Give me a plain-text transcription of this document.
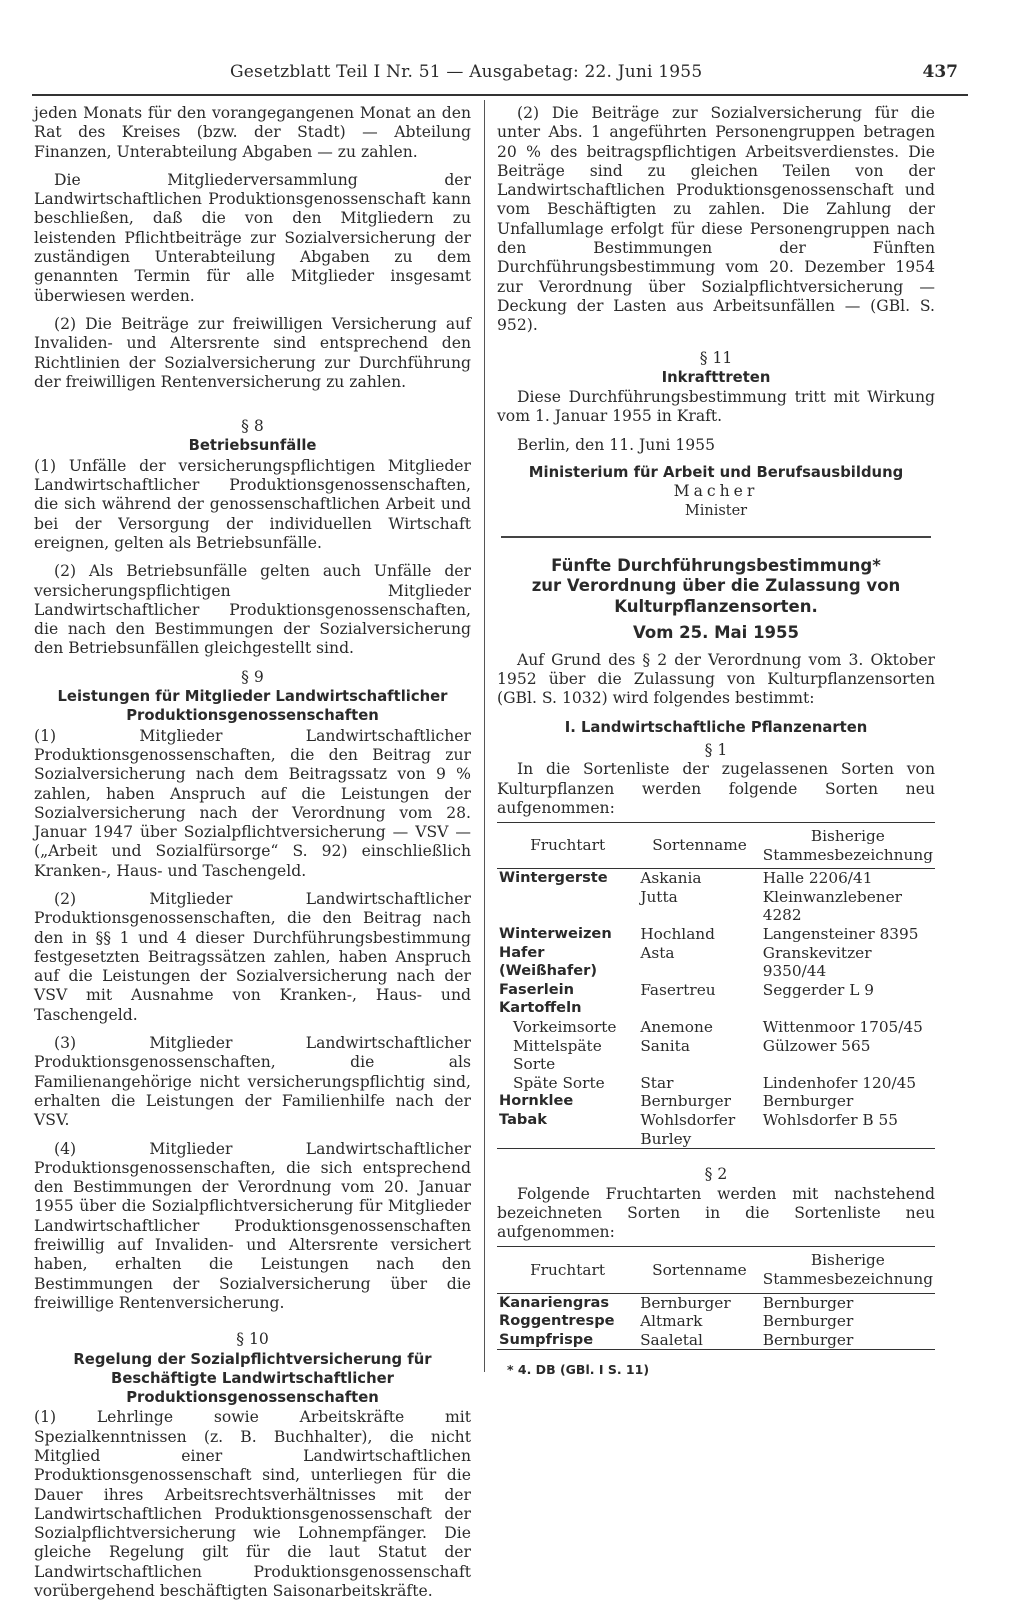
Gesetzblatt Teil I Nr. 51 — Ausgabetag: 22. Juni 1955	437

jeden Monats für den vorangegangenen Monat an den Rat des Kreises (bzw. der Stadt) — Abteilung Finanzen, Unterabteilung Abgaben — zu zahlen.

Die Mitgliederversammlung der Landwirtschaftlichen Produktionsgenossenschaft kann beschließen, daß die von den Mitgliedern zu leistenden Pflichtbeiträge zur Sozialversicherung der zuständigen Unterabteilung Abgaben zu dem genannten Termin für alle Mitglieder insgesamt überwiesen werden.

(2) Die Beiträge zur freiwilligen Versicherung auf Invaliden- und Altersrente sind entsprechend den Richtlinien der Sozialversicherung zur Durchführung der freiwilligen Rentenversicherung zu zahlen.

§ 8

Betriebsunfälle

(1) Unfälle der versicherungspflichtigen Mitglieder Landwirtschaftlicher Produktionsgenossenschaften, die sich während der genossenschaftlichen Arbeit und bei der Versorgung der individuellen Wirtschaft ereignen, gelten als Betriebsunfälle.

(2) Als Betriebsunfälle gelten auch Unfälle der versicherungspflichtigen Mitglieder Landwirtschaftlicher Produktionsgenossenschaften, die nach den Bestimmungen der Sozialversicherung den Betriebsunfällen gleichgestellt sind.

§ 9

Leistungen für Mitglieder Landwirtschaftlicher Produktionsgenossenschaften

(1) Mitglieder Landwirtschaftlicher Produktionsgenossenschaften, die den Beitrag zur Sozialversicherung nach dem Beitragssatz von 9 % zahlen, haben Anspruch auf die Leistungen der Sozialversicherung nach der Verordnung vom 28. Januar 1947 über Sozialpflichtversicherung — VSV — („Arbeit und Sozialfürsorge“ S. 92) einschließlich Kranken-, Haus- und Taschengeld.

(2) Mitglieder Landwirtschaftlicher Produktionsgenossenschaften, die den Beitrag nach den in §§ 1 und 4 dieser Durchführungsbestimmung festgesetzten Beitragssätzen zahlen, haben Anspruch auf die Leistungen der Sozialversicherung nach der VSV mit Ausnahme von Kranken-, Haus- und Taschengeld.

(3) Mitglieder Landwirtschaftlicher Produktionsgenossenschaften, die als Familienangehörige nicht versicherungspflichtig sind, erhalten die Leistungen der Familienhilfe nach der VSV.

(4) Mitglieder Landwirtschaftlicher Produktionsgenossenschaften, die sich entsprechend den Bestimmungen der Verordnung vom 20. Januar 1955 über die Sozialpflichtversicherung für Mitglieder Landwirtschaftlicher Produktionsgenossenschaften freiwillig auf Invaliden- und Altersrente versichert haben, erhalten die Leistungen nach den Bestimmungen der Sozialversicherung über die freiwillige Rentenversicherung.

§ 10

Regelung der Sozialpflichtversicherung für Beschäftigte Landwirtschaftlicher Produktionsgenossenschaften

(1) Lehrlinge sowie Arbeitskräfte mit Spezialkenntnissen (z. B. Buchhalter), die nicht Mitglied einer Landwirtschaftlichen Produktionsgenossenschaft sind, unterliegen für die Dauer ihres Arbeitsrechtsverhältnisses mit der Landwirtschaftlichen Produktionsgenossenschaft der Sozialpflichtversicherung wie Lohnempfänger. Die gleiche Regelung gilt für die laut Statut der Landwirtschaftlichen Produktionsgenossenschaft vorübergehend beschäftigten Saisonarbeitskräfte.

(2) Die Beiträge zur Sozialversicherung für die unter Abs. 1 angeführten Personengruppen betragen 20 % des beitragspflichtigen Arbeitsverdienstes. Die Beiträge sind zu gleichen Teilen von der Landwirtschaftlichen Produktionsgenossenschaft und vom Beschäftigten zu zahlen. Die Zahlung der Unfallumlage erfolgt für diese Personengruppen nach den Bestimmungen der Fünften Durchführungsbestimmung vom 20. Dezember 1954 zur Verordnung über Sozialpflichtversicherung — Deckung der Lasten aus Arbeitsunfällen — (GBl. S. 952).

§ 11

Inkrafttreten

Diese Durchführungsbestimmung tritt mit Wirkung vom 1. Januar 1955 in Kraft.

Berlin, den 11. Juni 1955

Ministerium für Arbeit und Berufsausbildung

Macher

Minister

Fünfte Durchführungsbestimmung*

zur Verordnung über die Zulassung von

Kulturpflanzensorten.

Vom 25. Mai 1955

Auf Grund des § 2 der Verordnung vom 3. Oktober 1952 über die Zulassung von Kulturpflanzensorten (GBl. S. 1032) wird folgendes bestimmt:

I. Landwirtschaftliche Pflanzenarten

§ 1

In die Sortenliste der zugelassenen Sorten von Kulturpflanzen werden folgende Sorten neu aufgenommen:

Fruchtart	Sortenname	Bisherige Stammesbezeichnung
Wintergerste	Askania	Halle 2206/41
	Jutta	Kleinwanzlebener 4282
Winterweizen	Hochland	Langensteiner 8395
Hafer (Weißhafer)	Asta	Granskevitzer 9350/44
Faserlein	Fasertreu	Seggerder L 9
Kartoffeln		
Vorkeimsorte	Anemone	Wittenmoor 1705/45
Mittelspäte Sorte	Sanita	Gülzower 565
Späte Sorte	Star	Lindenhofer 120/45
Hornklee	Bernburger	Bernburger
Tabak	Wohlsdorfer Burley	Wohlsdorfer B 55

§ 2

Folgende Fruchtarten werden mit nachstehend bezeichneten Sorten in die Sortenliste neu aufgenommen:

Fruchtart	Sortenname	Bisherige Stammesbezeichnung
Kanariengras	Bernburger	Bernburger
Roggentrespe	Altmark	Bernburger
Sumpfrispe	Saaletal	Bernburger

* 4. DB (GBl. I S. 11)
